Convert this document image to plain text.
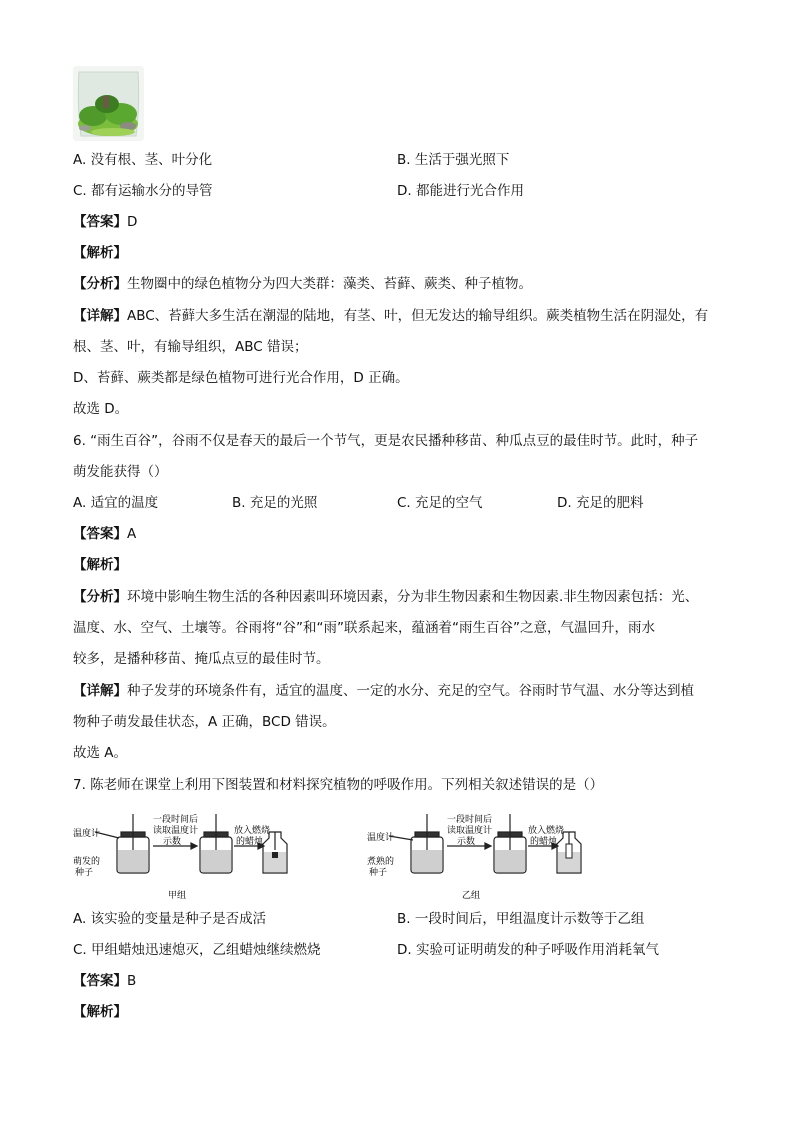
A. 没有根、茎、叶分化	B. 生活于强光照下
C. 都有运输水分的导管	D. 都能进行光合作用
【答案】D
【解析】
【分析】生物圈中的绿色植物分为四大类群：藻类、苔藓、蕨类、种子植物。
【详解】ABC、苔藓大多生活在潮湿的陆地，有茎、叶，但无发达的输导组织。蕨类植物生活在阴湿处，有
根、茎、叶，有输导组织，ABC 错误；
D、苔藓、蕨类都是绿色植物可进行光合作用，D 正确。
故选 D。
6. “雨生百谷”，谷雨不仅是春天的最后一个节气，更是农民播种移苗、种瓜点豆的最佳时节。此时，种子
萌发能获得（）
A. 适宜的温度	B. 充足的光照	C. 充足的空气	D. 充足的肥料
【答案】A
【解析】
【分析】环境中影响生物生活的各种因素叫环境因素，分为非生物因素和生物因素.非生物因素包括：光、
温度、水、空气、土壤等。谷雨将“谷”和“雨”联系起来，蕴涵着“雨生百谷”之意，气温回升，雨水
较多，是播种移苗、掩瓜点豆的最佳时节。
【详解】种子发芽的环境条件有，适宜的温度、一定的水分、充足的空气。谷雨时节气温、水分等达到植
物种子萌发最佳状态，A 正确，BCD 错误。
故选 A。
7. 陈老师在课堂上利用下图装置和材料探究植物的呼吸作用。下列相关叙述错误的是（）
温度计
萌发的
种子
一段时间后
读取温度计
示数
放入燃烧
的蜡烛
甲组
温度计
煮熟的
种子
一段时间后
读取温度计
示数
放入燃烧
的蜡烛
乙组
A. 该实验的变量是种子是否成活	B. 一段时间后，甲组温度计示数等于乙组
C. 甲组蜡烛迅速熄灭，乙组蜡烛继续燃烧	D. 实验可证明萌发的种子呼吸作用消耗氧气
【答案】B
【解析】
